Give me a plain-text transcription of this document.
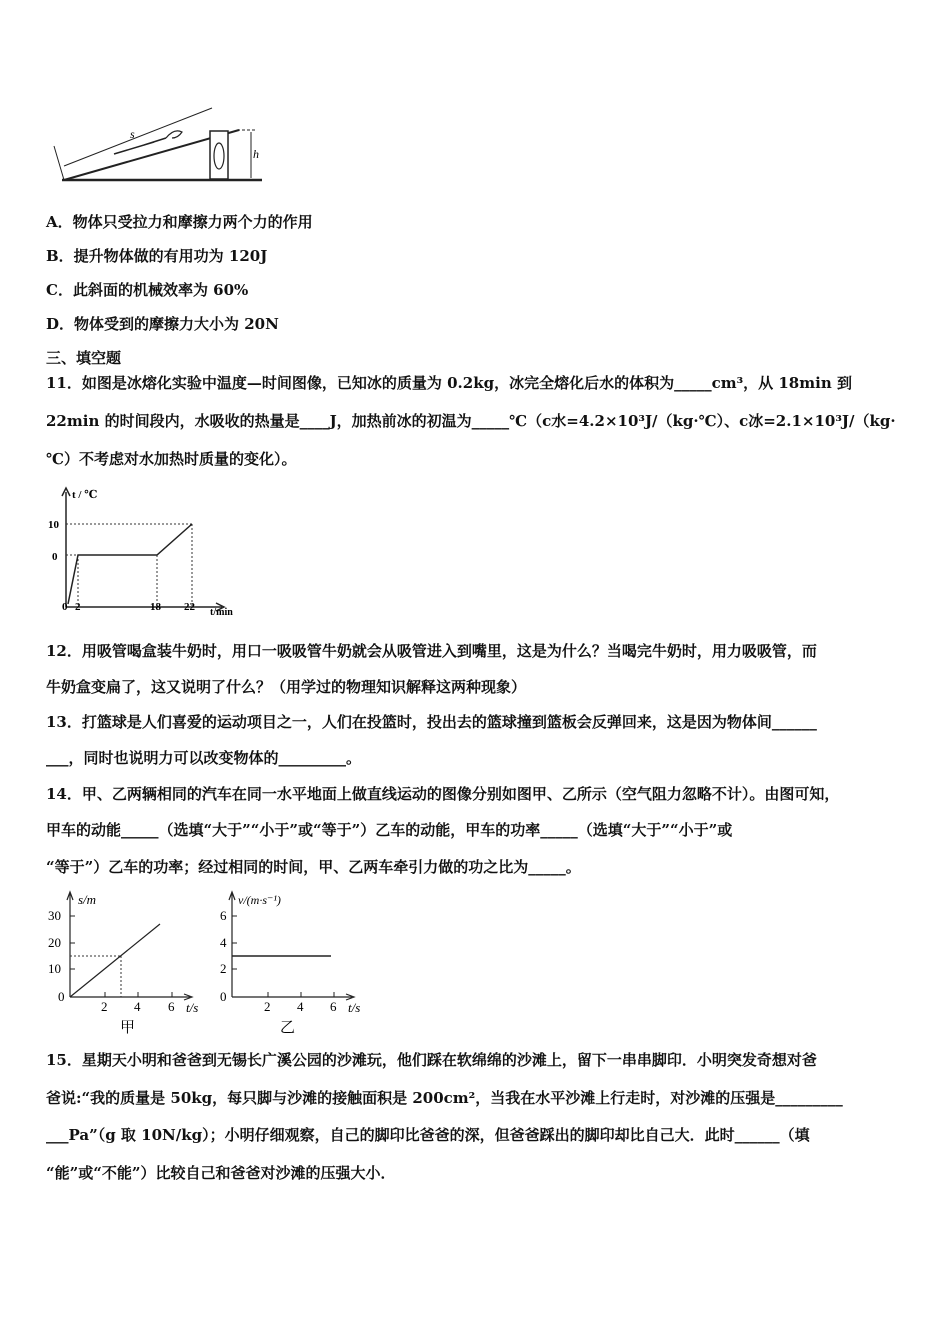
s
h
A．物体只受拉力和摩擦力两个力的作用
B．提升物体做的有用功为 120J
C．此斜面的机械效率为 60%
D．物体受到的摩擦力大小为 20N
三、填空题
11．如图是冰熔化实验中温度—时间图像，已知冰的质量为 0.2kg，冰完全熔化后水的体积为_____cm³，从 18min 到
22min 的时间段内，水吸收的热量是____J，加热前冰的初温为_____℃（c水=4.2×10³J/（kg·℃）、c冰=2.1×10³J/（kg·
℃）不考虑对水加热时质量的变化）。
t / ℃
t/min
10
0
0 2	18 22
12．用吸管喝盒装牛奶时，用口一吸吸管牛奶就会从吸管进入到嘴里，这是为什么？当喝完牛奶时，用力吸吸管，而
牛奶盒变扁了，这又说明了什么？（用学过的物理知识解释这两种现象）
13．打篮球是人们喜爱的运动项目之一，人们在投篮时，投出去的篮球撞到篮板会反弹回来，这是因为物体间______
___，同时也说明力可以改变物体的_________。
14．甲、乙两辆相同的汽车在同一水平地面上做直线运动的图像分别如图甲、乙所示（空气阻力忽略不计）。由图可知，
甲车的动能_____（选填“大于”“小于”或“等于”）乙车的动能，甲车的功率_____（选填“大于”“小于”或
“等于”）乙车的功率；经过相同的时间，甲、乙两车牵引力做的功之比为_____。
s/m
t/s
30
20
10
0
2 4 6
甲
v/(m·s⁻¹)
t/s
6
4
2
0
2 4 6
乙
15．星期天小明和爸爸到无锡长广溪公园的沙滩玩，他们踩在软绵绵的沙滩上，留下一串串脚印．小明突发奇想对爸
爸说:“我的质量是 50kg，每只脚与沙滩的接触面积是 200cm²，当我在水平沙滩上行走时，对沙滩的压强是_________
___Pa”（g 取 10N/kg）；小明仔细观察，自己的脚印比爸爸的深，但爸爸踩出的脚印却比自己大．此时______（填
“能”或“不能”）比较自己和爸爸对沙滩的压强大小．
